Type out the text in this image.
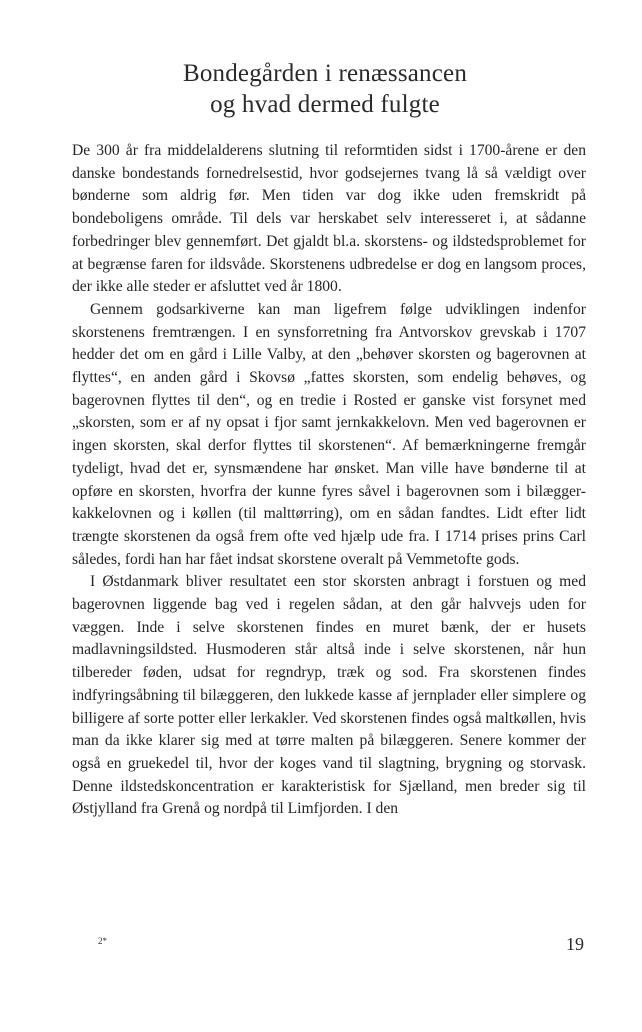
Bondegården i renæssancen
og hvad dermed fulgte

De 300 år fra middelalderens slutning til reformtiden sidst i 1700-årene er den danske bondestands fornedrelsestid, hvor godsejernes tvang lå så vældigt over bønderne som aldrig før. Men tiden var dog ikke uden fremskridt på bondeboligens område. Til dels var herskabet selv interesseret i, at sådanne forbedringer blev gennemført. Det gjaldt bl.a. skorstens- og ildstedsproblemet for at begrænse faren for ildsvåde. Skorstenens udbredelse er dog en langsom proces, der ikke alle steder er afsluttet ved år 1800.

Gennem godsarkiverne kan man ligefrem følge udviklingen indenfor skorstenens fremtrængen. I en synsforretning fra Antvorskov grevskab i 1707 hedder det om en gård i Lille Valby, at den „behøver skorsten og bagerovnen at flyttes“, en anden gård i Skovsø „fattes skorsten, som endelig behøves, og bagerovnen flyttes til den“, og en tredie i Rosted er ganske vist forsynet med „skorsten, som er af ny opsat i fjor samt jernkakkelovn. Men ved bagerovnen er ingen skorsten, skal derfor flyttes til skorstenen“. Af bemærkningerne fremgår tydeligt, hvad det er, synsmændene har ønsket. Man ville have bønderne til at opføre en skorsten, hvorfra der kunne fyres såvel i bagerovnen som i bilægger-kakkelovnen og i køllen (til malttørring), om en sådan fandtes. Lidt efter lidt trængte skorstenen da også frem ofte ved hjælp ude fra. I 1714 prises prins Carl således, fordi han har fået indsat skorstene overalt på Vemmetofte gods.

I Østdanmark bliver resultatet een stor skorsten anbragt i forstuen og med bagerovnen liggende bag ved i regelen sådan, at den går halvvejs uden for væggen. Inde i selve skorstenen findes en muret bænk, der er husets madlavningsildsted. Husmoderen står altså inde i selve skorstenen, når hun tilbereder føden, udsat for regndryp, træk og sod. Fra skorstenen findes indfyringsåbning til bilæggeren, den lukkede kasse af jernplader eller simplere og billigere af sorte potter eller lerkakler. Ved skorstenen findes også maltkøllen, hvis man da ikke klarer sig med at tørre malten på bilæggeren. Senere kommer der også en gruekedel til, hvor der koges vand til slagtning, brygning og storvask. Denne ildstedskoncentration er karakteristisk for Sjælland, men breder sig til Østjylland fra Grenå og nordpå til Limfjorden. I den

2*	19
